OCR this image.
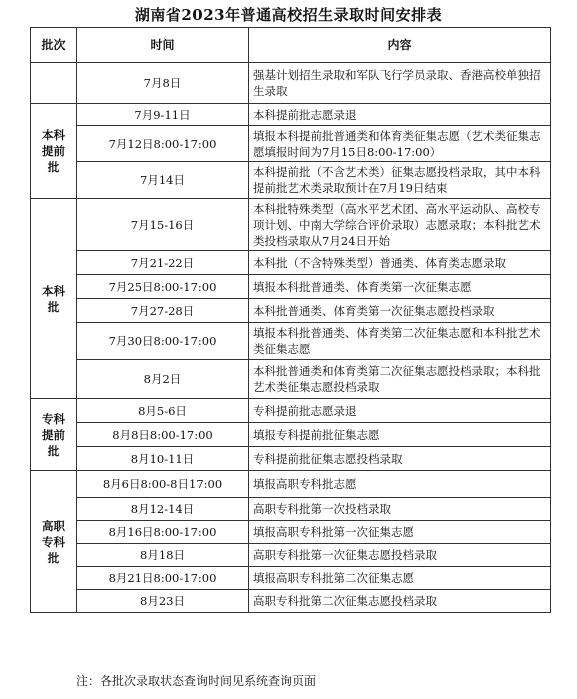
湖南省2023年普通高校招生录取时间安排表
批次	时间	内容
	7月8日	强基计划招生录取和军队飞行学员录取、香港高校单独招生录取
本科
提前
批	7月9-11日	本科提前批志愿录退
	7月12日8:00-17:00	填报本科提前批普通类和体育类征集志愿（艺术类征集志愿填报时间为7月15日8:00-17:00）
	7月14日	本科提前批（不含艺术类）征集志愿投档录取，其中本科提前批艺术类录取预计在7月19日结束
本科
批	7月15-16日	本科批特殊类型（高水平艺术团、高水平运动队、高校专项计划、中南大学综合评价录取）志愿录取；本科批艺术类投档录取从7月24日开始
	7月21-22日	本科批（不含特殊类型）普通类、体育类志愿录取
	7月25日8:00-17:00	填报本科批普通类、体育类第一次征集志愿
	7月27-28日	本科批普通类、体育类第一次征集志愿投档录取
	7月30日8:00-17:00	填报本科批普通类、体育类第二次征集志愿和本科批艺术类征集志愿
	8月2日	本科批普通类和体育类第二次征集志愿投档录取；本科批艺术类征集志愿投档录取
专科
提前
批	8月5-6日	专科提前批志愿录退
	8月8日8:00-17:00	填报专科提前批征集志愿
	8月10-11日	专科提前批征集志愿投档录取
高职
专科
批	8月6日8:00-8日17:00	填报高职专科批志愿
	8月12-14日	高职专科批第一次投档录取
	8月16日8:00-17:00	填报高职专科批第一次征集志愿
	8月18日	高职专科批第一次征集志愿投档录取
	8月21日8:00-17:00	填报高职专科批第二次征集志愿
	8月23日	高职专科批第二次征集志愿投档录取
注：各批次录取状态查询时间见系统查询页面
